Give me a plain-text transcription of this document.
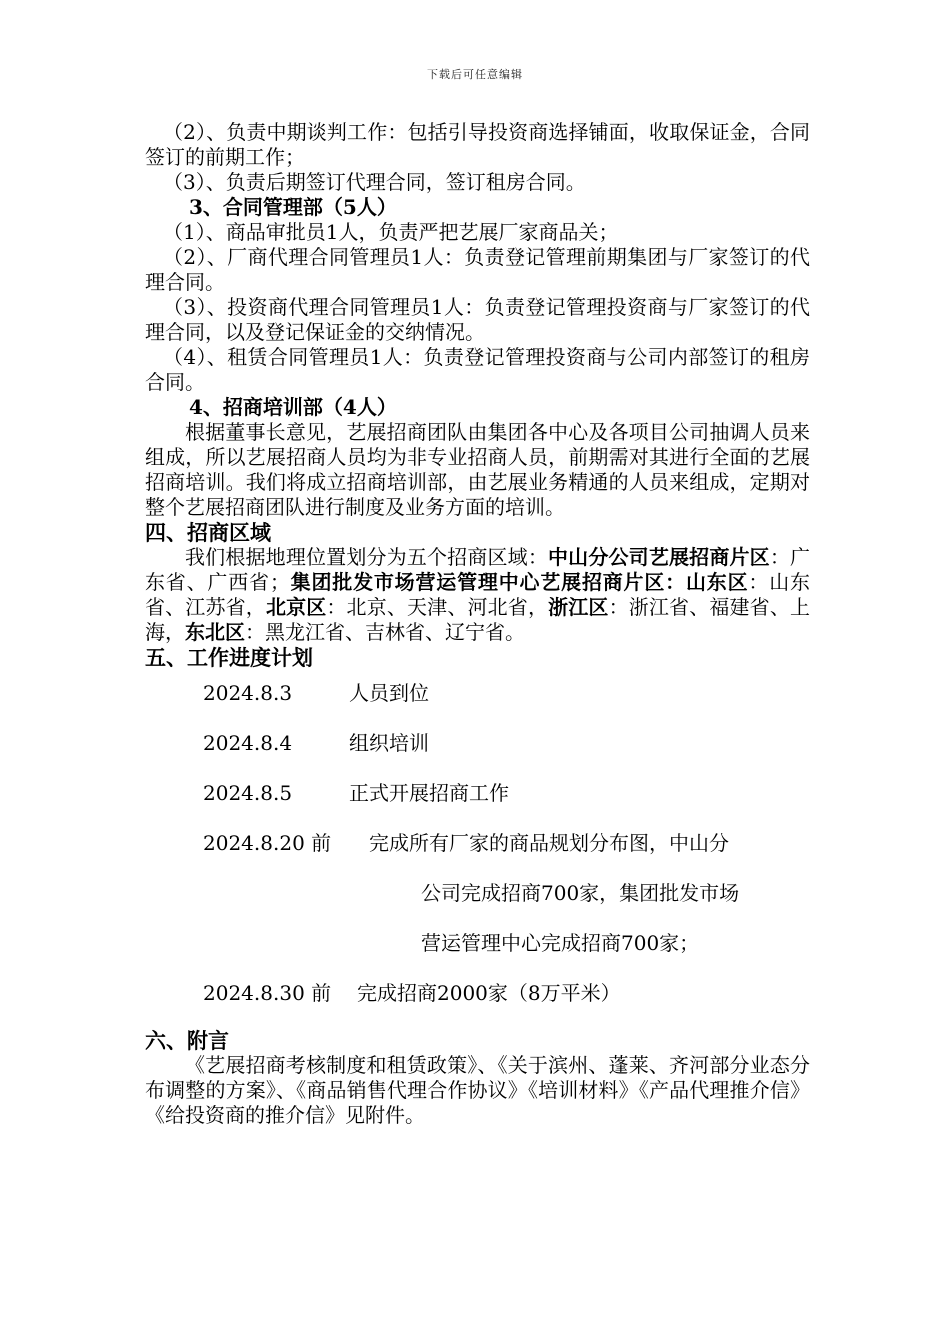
下载后可任意编辑

（2）、负责中期谈判工作：包括引导投资商选择铺面，收取保证金，合同签订的前期工作；

（3）、负责后期签订代理合同，签订租房合同。

3、合同管理部（5人）

（1）、商品审批员1人，负责严把艺展厂家商品关；

（2）、厂商代理合同管理员1人：负责登记管理前期集团与厂家签订的代理合同。

（3）、投资商代理合同管理员1人：负责登记管理投资商与厂家签订的代理合同，以及登记保证金的交纳情况。

（4）、租赁合同管理员1人：负责登记管理投资商与公司内部签订的租房合同。

4、招商培训部（4人）

根据董事长意见，艺展招商团队由集团各中心及各项目公司抽调人员来组成，所以艺展招商人员均为非专业招商人员，前期需对其进行全面的艺展招商培训。我们将成立招商培训部，由艺展业务精通的人员来组成，定期对整个艺展招商团队进行制度及业务方面的培训。

四、招商区域

我们根据地理位置划分为五个招商区域：中山分公司艺展招商片区：广东省、广西省；集团批发市场营运管理中心艺展招商片区：山东区：山东省、江苏省，北京区：北京、天津、河北省，浙江区：浙江省、福建省、上海，东北区：黑龙江省、吉林省、辽宁省。

五、工作进度计划

2024.8.3	人员到位
2024.8.4	组织培训
2024.8.5	正式开展招商工作
2024.8.20 前 完成所有厂家的商品规划分布图，中山分
公司完成招商700家，集团批发市场
营运管理中心完成招商700家；
2024.8.30 前 完成招商2000家（8万平米）

六、附言

《艺展招商考核制度和租赁政策》、《关于滨州、蓬莱、齐河部分业态分布调整的方案》、《商品销售代理合作协议》《培训材料》《产品代理推介信》《给投资商的推介信》见附件。
